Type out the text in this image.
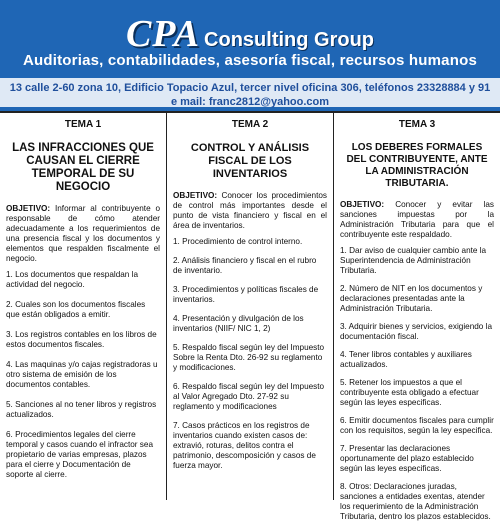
CPA Consulting Group
Auditorias, contabilidades, asesoría fiscal, recursos humanos
13 calle 2-60 zona 10, Edificio Topacio Azul, tercer nivel oficina 306, teléfonos 23328884 y 91
e mail: franc2812@yahoo.com
TEMA 1
LAS INFRACCIONES QUE CAUSAN EL CIERRE TEMPORAL DE SU NEGOCIO
OBJETIVO: Informar al contribuyente o responsable de cómo atender adecuadamente a los requerimientos de una presencia fiscal y los documentos y elementos que respalden fiscalmente el negocio.
1. Los documentos que respaldan la actividad del negocio.
2. Cuales son los documentos fiscales que están obligados a emitir.
3. Los registros contables en los libros de estos documentos fiscales.
4. Las maquinas y/o cajas registradoras u otro sistema de emisión de los documentos contables.
5. Sanciones al no tener libros y registros actualizados.
6. Procedimientos legales del cierre temporal y casos cuando el infractor sea propietario de varias empresas, plazos para el cierre y Documentación de soporte al cierre.
TEMA 2
CONTROL Y ANÁLISIS FISCAL DE LOS INVENTARIOS
OBJETIVO: Conocer los procedimientos de control más importantes desde el punto de vista financiero y fiscal en el área de inventarios.
1. Procedimiento de control interno.
2. Análisis financiero y fiscal en el rubro de inventario.
3. Procedimientos y políticas fiscales de inventarios.
4. Presentación y divulgación de los inventarios (NIIF/ NIC 1, 2)
5. Respaldo fiscal según ley del Impuesto Sobre la Renta Dto. 26-92 su reglamento y modificaciones.
6. Respaldo fiscal según ley del Impuesto al Valor Agregado Dto. 27-92 su reglamento y modificaciones
7. Casos prácticos en los registros de inventarios cuando existen casos de: extravió, roturas, delitos contra el patrimonio, descomposición y casos de fuerza mayor.
TEMA 3
LOS DEBERES FORMALES DEL CONTRIBUYENTE, ANTE LA ADMINISTRACIÓN TRIBUTARIA.
OBJETIVO: Conocer y evitar las sanciones impuestas por la Administración Tributaria para que el contribuyente este respaldado.
1. Dar aviso de cualquier cambio ante la Superintendencia de Administración Tributaria.
2. Número de NIT en los documentos y declaraciones presentadas ante la Administración Tributaria.
3. Adquirir bienes y servicios, exigiendo la documentación fiscal.
4. Tener libros contables y auxiliares actualizados.
5. Retener los impuestos a que el contribuyente esta obligado a efectuar según las leyes especificas.
6. Emitir documentos fiscales para cumplir con los requisitos, según la ley especifica.
7. Presentar las declaraciones oportunamente del plazo establecido según las leyes especificas.
8. Otros: Declaraciones juradas, sanciones a entidades exentas, atender los requerimiento de la Administración Tributaria, dentro los plazos establecidos.
